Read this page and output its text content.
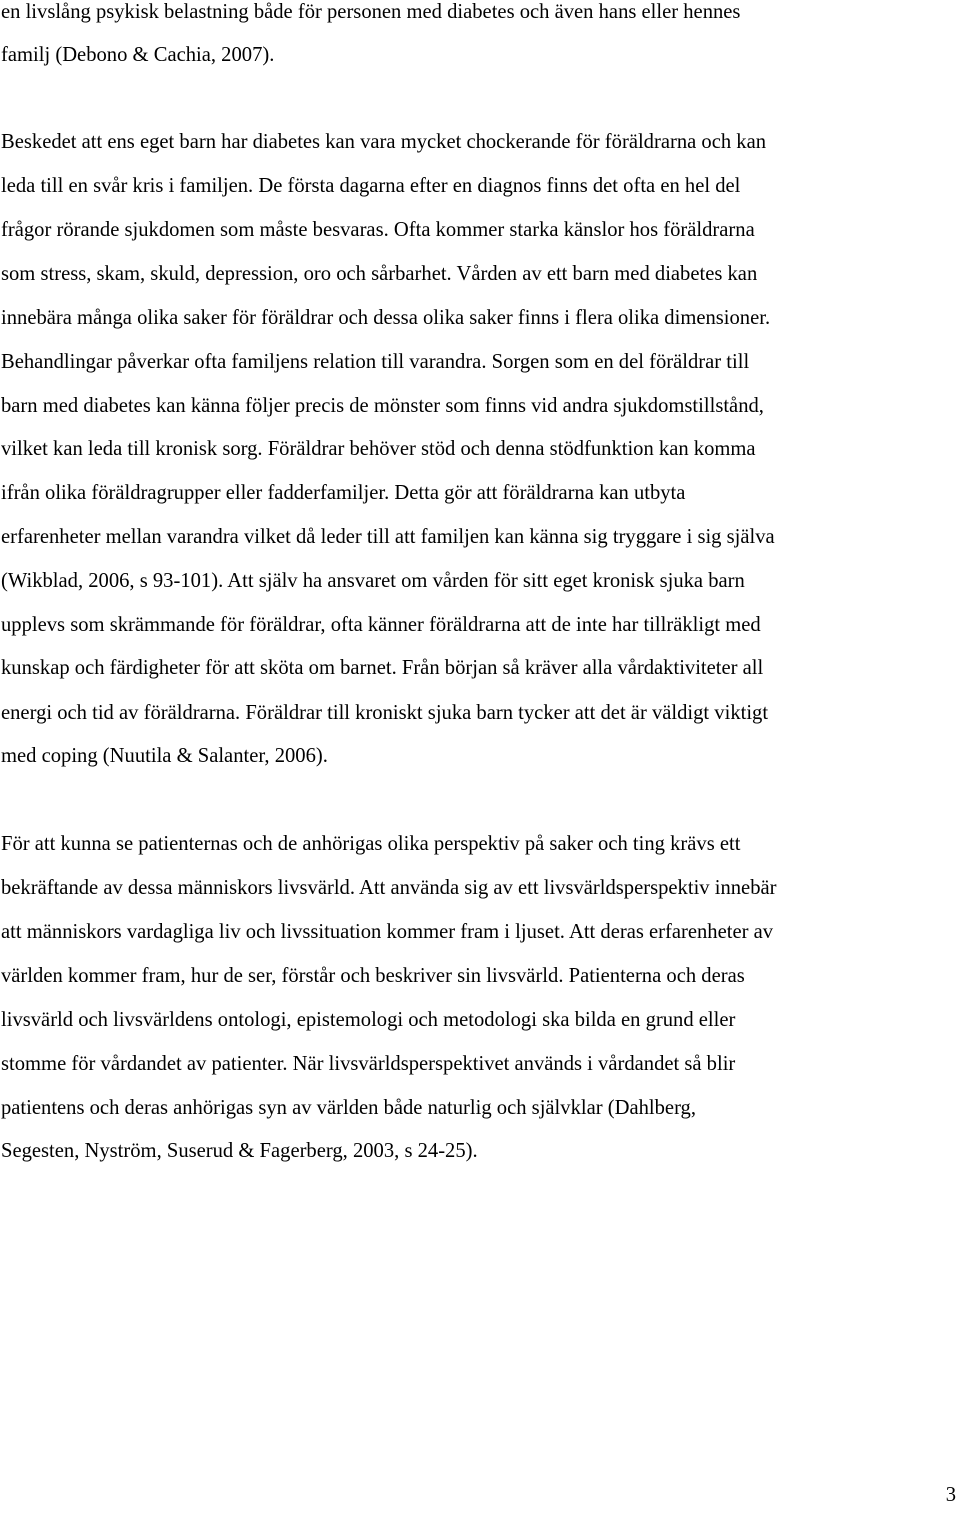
en livslång psykisk belastning både för personen med diabetes och även hans eller hennes
familj (Debono & Cachia, 2007).
Beskedet att ens eget barn har diabetes kan vara mycket chockerande för föräldrarna och kan
leda till en svår kris i familjen. De första dagarna efter en diagnos finns det ofta en hel del
frågor rörande sjukdomen som måste besvaras. Ofta kommer starka känslor hos föräldrarna
som stress, skam, skuld, depression, oro och sårbarhet. Vården av ett barn med diabetes kan
innebära många olika saker för föräldrar och dessa olika saker finns i flera olika dimensioner.
Behandlingar påverkar ofta familjens relation till varandra. Sorgen som en del föräldrar till
barn med diabetes kan känna följer precis de mönster som finns vid andra sjukdomstillstånd,
vilket kan leda till kronisk sorg. Föräldrar behöver stöd och denna stödfunktion kan komma
ifrån olika föräldragrupper eller fadderfamiljer. Detta gör att föräldrarna kan utbyta
erfarenheter mellan varandra vilket då leder till att familjen kan känna sig tryggare i sig själva
(Wikblad, 2006, s 93-101). Att själv ha ansvaret om vården för sitt eget kronisk sjuka barn
upplevs som skrämmande för föräldrar, ofta känner föräldrarna att de inte har tillräkligt med
kunskap och färdigheter för att sköta om barnet. Från början så kräver alla vårdaktiviteter all
energi och tid av föräldrarna. Föräldrar till kroniskt sjuka barn tycker att det är väldigt viktigt
med coping (Nuutila & Salanter, 2006).
För att kunna se patienternas och de anhörigas olika perspektiv på saker och ting krävs ett
bekräftande av dessa människors livsvärld. Att använda sig av ett livsvärldsperspektiv innebär
att människors vardagliga liv och livssituation kommer fram i ljuset. Att deras erfarenheter av
världen kommer fram, hur de ser, förstår och beskriver sin livsvärld. Patienterna och deras
livsvärld och livsvärldens ontologi, epistemologi och metodologi ska bilda en grund eller
stomme för vårdandet av patienter. När livsvärldsperspektivet används i vårdandet så blir
patientens och deras anhörigas syn av världen både naturlig och självklar (Dahlberg,
Segesten, Nyström, Suserud & Fagerberg, 2003, s 24-25).
3
